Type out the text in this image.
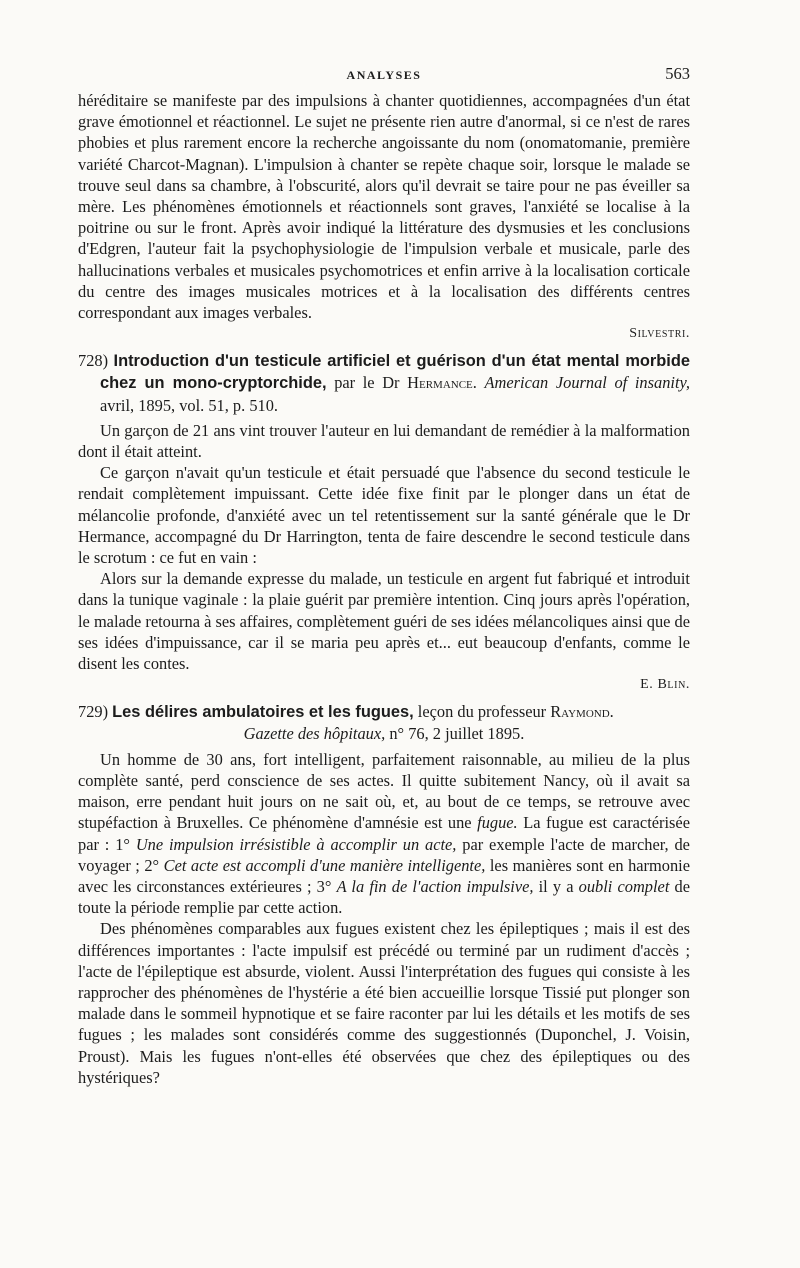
ANALYSES	563

héréditaire se manifeste par des impulsions à chanter quotidiennes, accompagnées d'un état grave émotionnel et réactionnel. Le sujet ne présente rien autre d'anormal, si ce n'est de rares phobies et plus rarement encore la recherche angoissante du nom (onomatomanie, première variété Charcot-Magnan). L'impulsion à chanter se repète chaque soir, lorsque le malade se trouve seul dans sa chambre, à l'obscurité, alors qu'il devrait se taire pour ne pas éveiller sa mère. Les phénomènes émotionnels et réactionnels sont graves, l'anxiété se localise à la poitrine ou sur le front. Après avoir indiqué la littérature des dysmusies et les conclusions d'Edgren, l'auteur fait la psychophysiologie de l'impulsion verbale et musicale, parle des hallucinations verbales et musicales psychomotrices et enfin arrive à la localisation corticale du centre des images musicales motrices et à la localisation des différents centres correspondant aux images verbales.

Silvestri.
728) Introduction d'un testicule artificiel et guérison d'un état mental morbide chez un mono-cryptorchide, par le Dr Hermance. American Journal of insanity, avril, 1895, vol. 51, p. 510.

Un garçon de 21 ans vint trouver l'auteur en lui demandant de remédier à la malformation dont il était atteint.

Ce garçon n'avait qu'un testicule et était persuadé que l'absence du second testicule le rendait complètement impuissant. Cette idée fixe finit par le plonger dans un état de mélancolie profonde, d'anxiété avec un tel retentissement sur la santé générale que le Dr Hermance, accompagné du Dr Harrington, tenta de faire descendre le second testicule dans le scrotum : ce fut en vain :

Alors sur la demande expresse du malade, un testicule en argent fut fabriqué et introduit dans la tunique vaginale : la plaie guérit par première intention. Cinq jours après l'opération, le malade retourna à ses affaires, complètement guéri de ses idées mélancoliques ainsi que de ses idées d'impuissance, car il se maria peu après et... eut beaucoup d'enfants, comme le disent les contes.

E. Blin.
729) Les délires ambulatoires et les fugues, leçon du professeur Raymond.
Gazette des hôpitaux, n° 76, 2 juillet 1895.

Un homme de 30 ans, fort intelligent, parfaitement raisonnable, au milieu de la plus complète santé, perd conscience de ses actes. Il quitte subitement Nancy, où il avait sa maison, erre pendant huit jours on ne sait où, et, au bout de ce temps, se retrouve avec stupéfaction à Bruxelles. Ce phénomène d'amnésie est une fugue. La fugue est caractérisée par : 1° Une impulsion irrésistible à accomplir un acte, par exemple l'acte de marcher, de voyager ; 2° Cet acte est accompli d'une manière intelligente, les manières sont en harmonie avec les circonstances extérieures ; 3° A la fin de l'action impulsive, il y a oubli complet de toute la période remplie par cette action.

Des phénomènes comparables aux fugues existent chez les épileptiques ; mais il est des différences importantes : l'acte impulsif est précédé ou terminé par un rudiment d'accès ; l'acte de l'épileptique est absurde, violent. Aussi l'interprétation des fugues qui consiste à les rapprocher des phénomènes de l'hystérie a été bien accueillie lorsque Tissié put plonger son malade dans le sommeil hypnotique et se faire raconter par lui les détails et les motifs de ses fugues ; les malades sont considérés comme des suggestionnés (Duponchel, J. Voisin, Proust). Mais les fugues n'ont-elles été observées que chez des épileptiques ou des hystériques?
